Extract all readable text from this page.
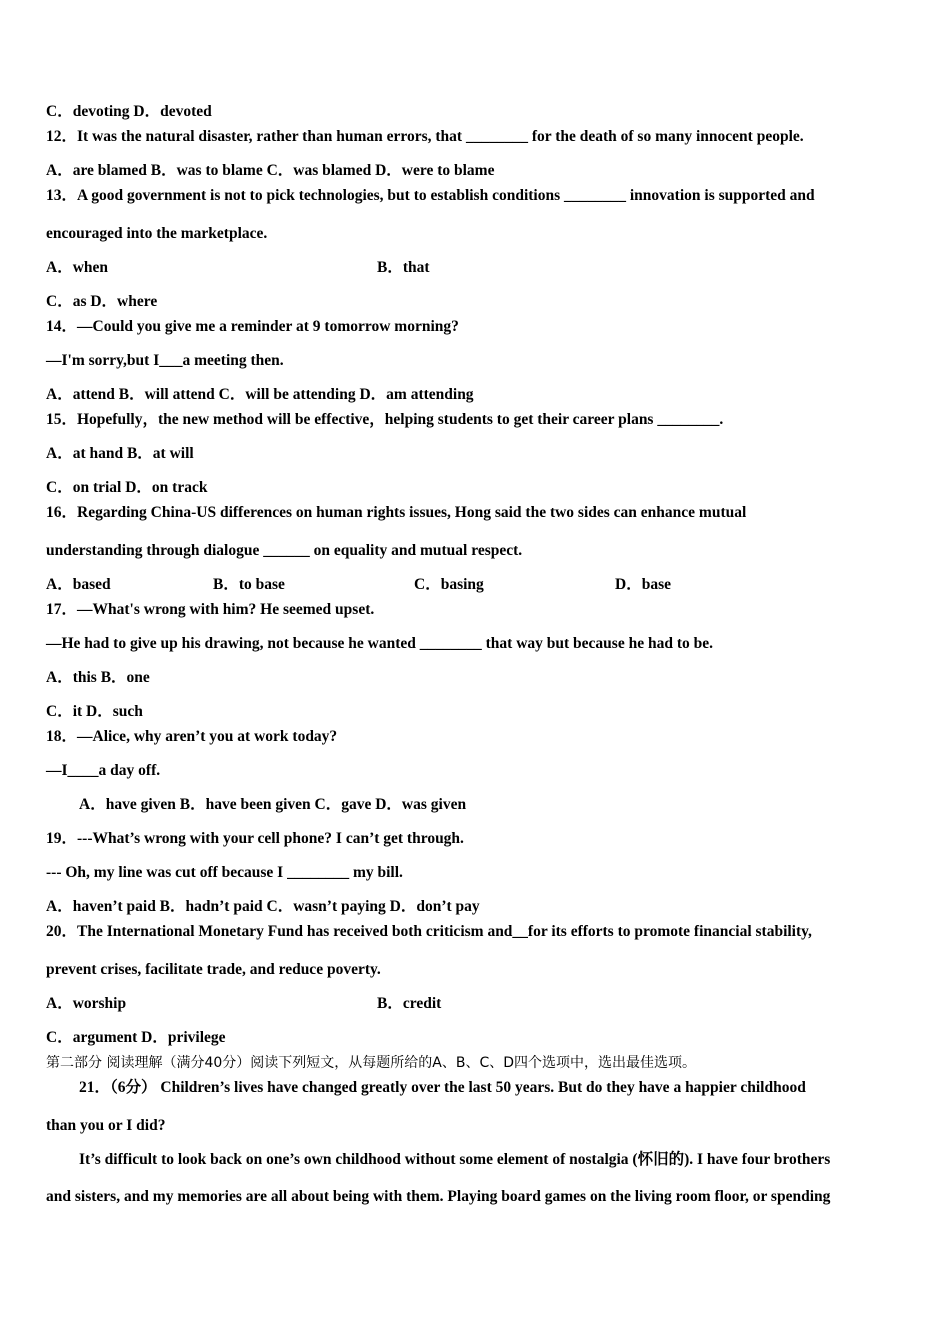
C．devoting D．devoted
12．It was the natural disaster, rather than human errors, that ________ for the death of so many innocent people.
A．are blamed B．was to blame C．was blamed D．were to blame
13．A good government is not to pick technologies, but to establish conditions ________ innovation is supported and
encouraged into the marketplace.
A．when	B．that
C．as D．where
14．—Could you give me a reminder at 9 tomorrow morning?
—I'm sorry,but I___a meeting then.
A．attend B．will attend C．will be attending D．am attending
15．Hopefully，the new method will be effective，helping students to get their career plans ________.
A．at hand B．at will
C．on trial D．on track
16．Regarding China-US differences on human rights issues, Hong said the two sides can enhance mutual
understanding through dialogue ______ on equality and mutual respect.
A．based	B．to base	C．basing	D．base
17．—What's wrong with him? He seemed upset.
—He had to give up his drawing, not because he wanted ________ that way but because he had to be.
A．this B．one
C．it D．such
18．—Alice, why aren’t you at work today?
—I____a day off.
A．have given B．have been given C．gave D．was given
19．---What’s wrong with your cell phone? I can’t get through.
--- Oh, my line was cut off because I ________ my bill.
A．haven’t paid B．hadn’t paid C．wasn’t paying D．don’t pay
20．The International Monetary Fund has received both criticism and__for its efforts to promote financial stability,
prevent crises, facilitate trade, and reduce poverty.
A．worship	B．credit
C．argument D．privilege
第二部分 阅读理解（满分40分）阅读下列短文，从每题所给的A、B、C、D四个选项中，选出最佳选项。
21．（6分） Children’s lives have changed greatly over the last 50 years. But do they have a happier childhood
than you or I did?
It’s difficult to look back on one’s own childhood without some element of nostalgia (怀旧的). I have four brothers
and sisters, and my memories are all about being with them. Playing board games on the living room floor, or spending
